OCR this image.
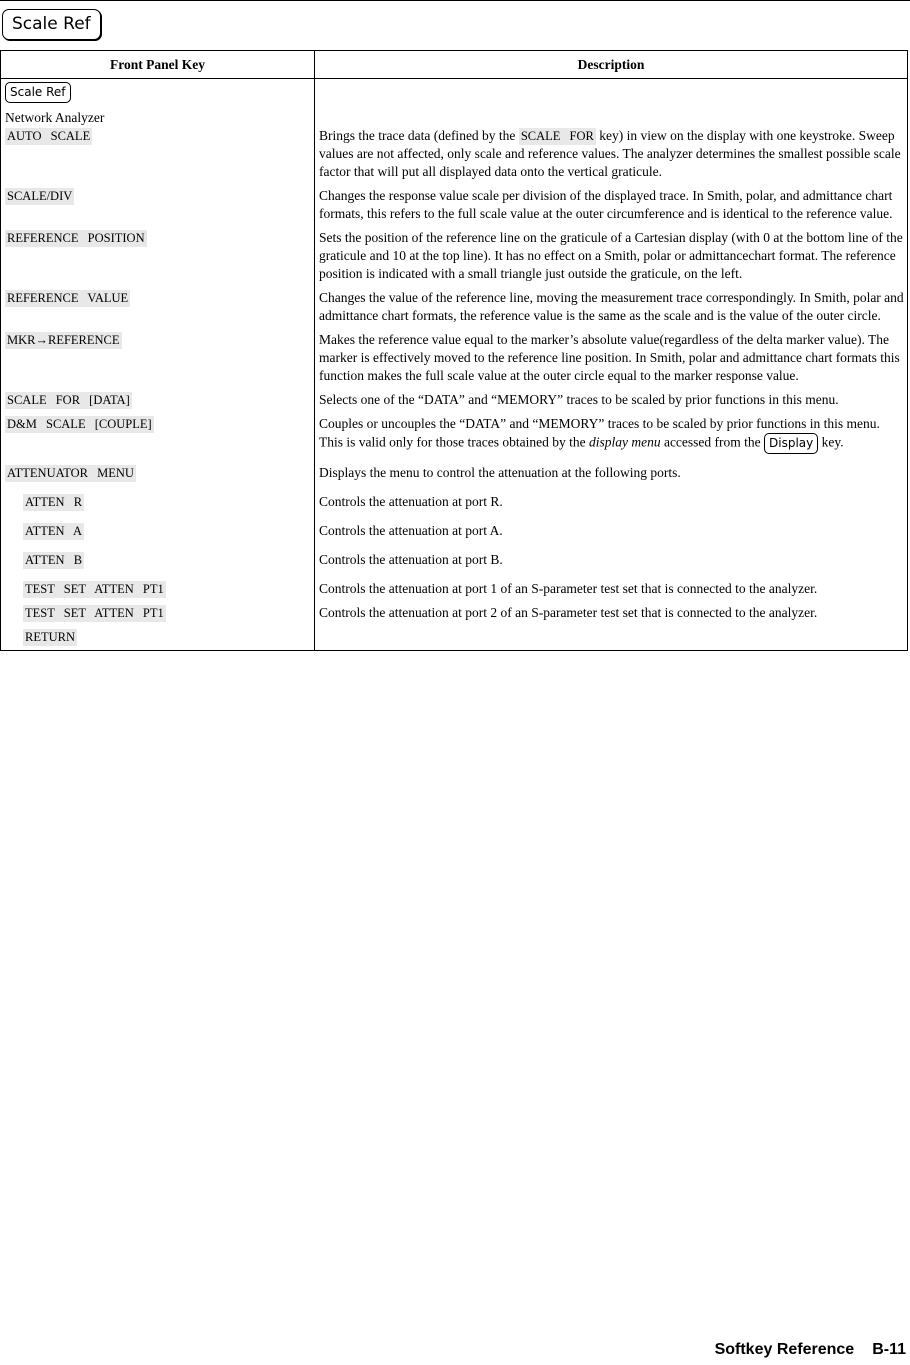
Scale Ref
Front Panel Key	Description
Scale Ref

Network Analyzer	

AUTO SCALE	Brings the trace data (defined by the SCALE FOR key) in view on the display with one keystroke. Sweep values are not affected, only scale and reference values. The analyzer determines the smallest possible scale factor that will put all displayed data onto the vertical graticule.

SCALE/DIV	Changes the response value scale per division of the displayed trace. In Smith, polar, and admittance chart formats, this refers to the full scale value at the outer circumference and is identical to the reference value.

REFERENCE POSITION	Sets the position of the reference line on the graticule of a Cartesian display (with 0 at the bottom line of the graticule and 10 at the top line). It has no effect on a Smith, polar or admittancechart format. The reference position is indicated with a small triangle just outside the graticule, on the left.

REFERENCE VALUE	Changes the value of the reference line, moving the measurement trace correspondingly. In Smith, polar and admittance chart formats, the reference value is the same as the scale and is the value of the outer circle.

MKR→REFERENCE	Makes the reference value equal to the marker’s absolute value(regardless of the delta marker value). The marker is effectively moved to the reference line position. In Smith, polar and admittance chart formats this function makes the full scale value at the outer circle equal to the marker response value.

SCALE FOR [DATA]	Selects one of the “DATA” and “MEMORY” traces to be scaled by prior functions in this menu.

D&M SCALE [COUPLE]	Couples or uncouples the “DATA” and “MEMORY” traces to be scaled by prior functions in this menu. This is valid only for those traces obtained by the display menu accessed from the Display key.

ATTENUATOR MENU	Displays the menu to control the attenuation at the following ports.

ATTEN R	Controls the attenuation at port R.

ATTEN A	Controls the attenuation at port A.

ATTEN B	Controls the attenuation at port B.

TEST SET ATTEN PT1	Controls the attenuation at port 1 of an S-parameter test set that is connected to the analyzer.

TEST SET ATTEN PT1	Controls the attenuation at port 2 of an S-parameter test set that is connected to the analyzer.

RETURN	
Softkey Reference B-11
